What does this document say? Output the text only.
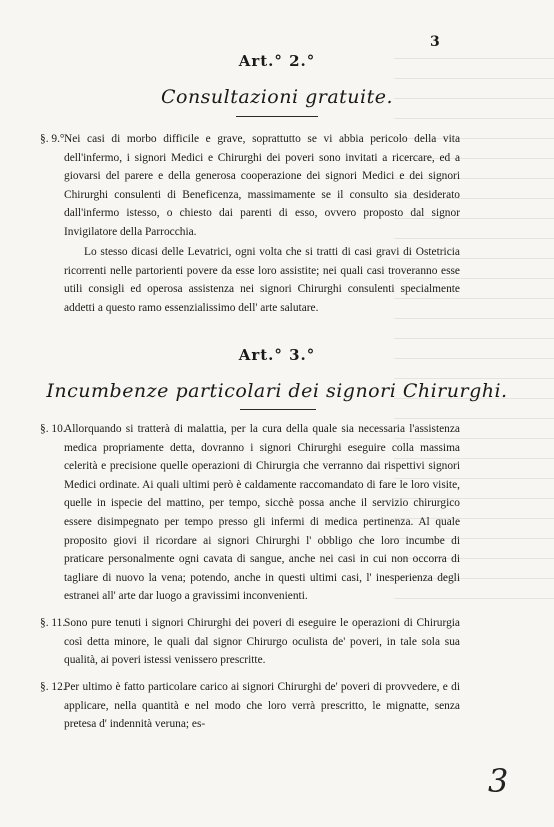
3
Art.° 2.°
Consultazioni gratuite.
§. 9.° Nei casi di morbo difficile e grave, soprattutto se vi abbia pericolo della vita dell'infermo, i signori Medici e Chirurghi dei poveri sono invitati a ricercare, ed a giovarsi del parere e della generosa cooperazione dei signori Medici e dei signori Chirurghi consulenti di Beneficenza, massimamente se il consulto sia desiderato dall'infermo istesso, o chiesto dai parenti di esso, ovvero proposto dal signor Invigilatore della Parrocchia.
Lo stesso dicasi delle Levatrici, ogni volta che si tratti di casi gravi di Ostetricia ricorrenti nelle partorienti povere da esse loro assistite; nei quali casi troveranno esse utili consigli ed operosa assistenza nei signori Chirurghi consulenti specialmente addetti a questo ramo essenzialissimo dell' arte salutare.
Art.° 3.°
Incumbenze particolari dei signori Chirurghi.
§. 10.
Allorquando si tratterà di malattia, per la cura della quale sia necessaria l'assistenza medica propriamente detta, dovranno i signori Chirurghi eseguire colla massima celerità e precisione quelle operazioni di Chirurgia che verranno dai rispettivi signori Medici ordinate. Ai quali ultimi però è caldamente raccomandato di fare le loro visite, quelle in ispecie del mattino, per tempo, sicchè possa anche il servizio chirurgico essere disimpegnato per tempo presso gli infermi di medica pertinenza. Al quale proposito giovi il ricordare ai signori Chirurghi l' obbligo che loro incumbe di praticare personalmente ogni cavata di sangue, anche nei casi in cui non occorra di tagliare di nuovo la vena; potendo, anche in questi ultimi casi, l' inesperienza degli estranei all' arte dar luogo a gravissimi inconvenienti.
§. 11.
Sono pure tenuti i signori Chirurghi dei poveri di eseguire le operazioni di Chirurgia così detta minore, le quali dal signor Chirurgo oculista de' poveri, in tale sola sua qualità, ai poveri istessi venissero prescritte.
§. 12.
Per ultimo è fatto particolare carico ai signori Chirurghi de' poveri di provvedere, e di applicare, nella quantità e nel modo che loro verrà prescritto, le mignatte, senza pretesa d' indennità veruna; es-
3
